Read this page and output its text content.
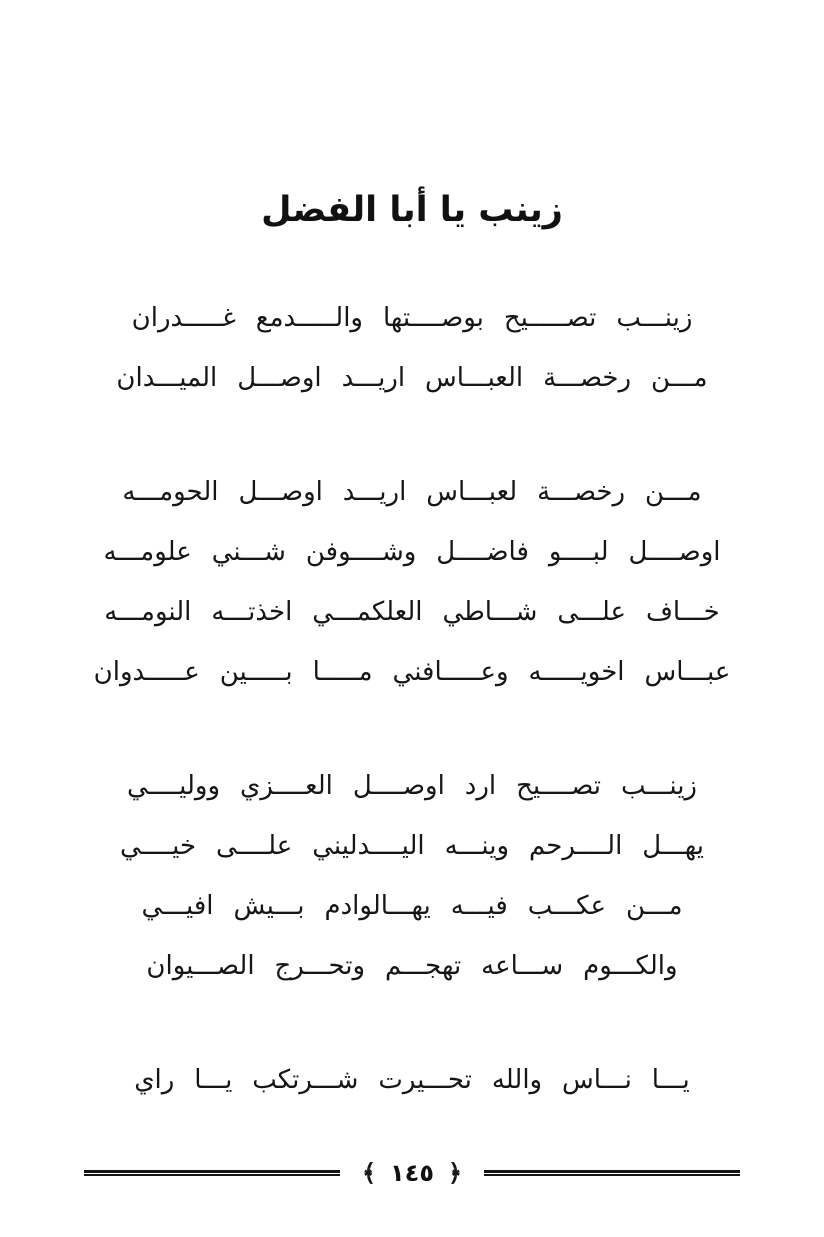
زينب يا أبا الفضل
زينـــب تصـــــيح بوصــــتها والـــــدمع غـــــدران
مـــن رخصـــة العبـــاس اريـــد اوصـــل الميـــدان
مـــن رخصـــة لعبـــاس اريـــد اوصـــل الحومـــه
اوصــــل لبــــو فاضــــل وشــــوفن شـــني علومـــه
خـــاف علـــى شـــاطي العلكمـــي اخذتـــه النومـــه
عبـــاس اخويـــــه وعـــــافني مـــــا بـــــين عـــــدوان
زينـــب تصــــيح ارد اوصــــل العــــزي ووليــــي
يهـــل الــــرحم وينـــه اليــــدليني علــــى خيــــي
مـــن عكـــب فيـــه يهـــالوادم بـــيش افيـــي
والكـــوم ســـاعه تهجـــم وتحـــرج الصـــيوان
يـــا نـــاس والله تحـــيرت شـــرتكب يـــا راي
﴾ ١٤٥ ﴿
